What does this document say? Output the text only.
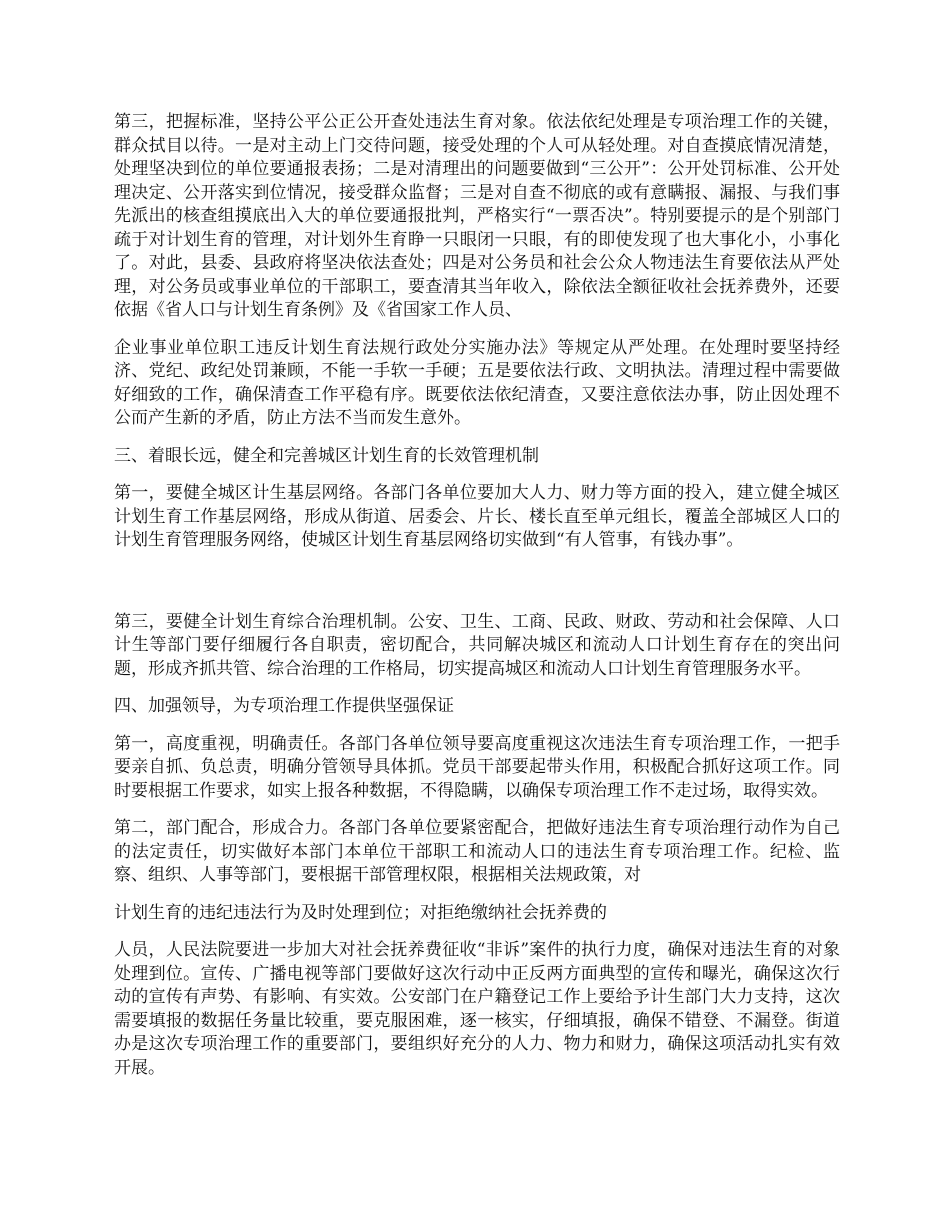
第三，把握标准，坚持公平公正公开查处违法生育对象。依法依纪处理是专项治理工作的关键，群众拭目以待。一是对主动上门交待问题，接受处理的个人可从轻处理。对自查摸底情况清楚，处理坚决到位的单位要通报表扬；二是对清理出的问题要做到“三公开”：公开处罚标准、公开处理决定、公开落实到位情况，接受群众监督；三是对自查不彻底的或有意瞒报、漏报、与我们事先派出的核查组摸底出入大的单位要通报批判，严格实行“一票否决”。特别要提示的是个别部门疏于对计划生育的管理，对计划外生育睁一只眼闭一只眼，有的即使发现了也大事化小，小事化了。对此，县委、县政府将坚决依法查处；四是对公务员和社会公众人物违法生育要依法从严处理，对公务员或事业单位的干部职工，要查清其当年收入，除依法全额征收社会抚养费外，还要依据《省人口与计划生育条例》及《省国家工作人员、

企业事业单位职工违反计划生育法规行政处分实施办法》等规定从严处理。在处理时要坚持经济、党纪、政纪处罚兼顾，不能一手软一手硬；五是要依法行政、文明执法。清理过程中需要做好细致的工作，确保清查工作平稳有序。既要依法依纪清查，又要注意依法办事，防止因处理不公而产生新的矛盾，防止方法不当而发生意外。

三、着眼长远，健全和完善城区计划生育的长效管理机制

第一，要健全城区计生基层网络。各部门各单位要加大人力、财力等方面的投入，建立健全城区计划生育工作基层网络，形成从街道、居委会、片长、楼长直至单元组长，覆盖全部城区人口的计划生育管理服务网络，使城区计划生育基层网络切实做到“有人管事，有钱办事”。

第三，要健全计划生育综合治理机制。公安、卫生、工商、民政、财政、劳动和社会保障、人口计生等部门要仔细履行各自职责，密切配合，共同解决城区和流动人口计划生育存在的突出问题，形成齐抓共管、综合治理的工作格局，切实提高城区和流动人口计划生育管理服务水平。

四、加强领导，为专项治理工作提供坚强保证

第一，高度重视，明确责任。各部门各单位领导要高度重视这次违法生育专项治理工作，一把手要亲自抓、负总责，明确分管领导具体抓。党员干部要起带头作用，积极配合抓好这项工作。同时要根据工作要求，如实上报各种数据，不得隐瞒，以确保专项治理工作不走过场，取得实效。

第二，部门配合，形成合力。各部门各单位要紧密配合，把做好违法生育专项治理行动作为自己的法定责任，切实做好本部门本单位干部职工和流动人口的违法生育专项治理工作。纪检、监察、组织、人事等部门，要根据干部管理权限，根据相关法规政策，对

计划生育的违纪违法行为及时处理到位；对拒绝缴纳社会抚养费的

人员，人民法院要进一步加大对社会抚养费征收“非诉”案件的执行力度，确保对违法生育的对象处理到位。宣传、广播电视等部门要做好这次行动中正反两方面典型的宣传和曝光，确保这次行动的宣传有声势、有影响、有实效。公安部门在户籍登记工作上要给予计生部门大力支持，这次需要填报的数据任务量比较重，要克服困难，逐一核实，仔细填报，确保不错登、不漏登。街道办是这次专项治理工作的重要部门，要组织好充分的人力、物力和财力，确保这项活动扎实有效开展。
